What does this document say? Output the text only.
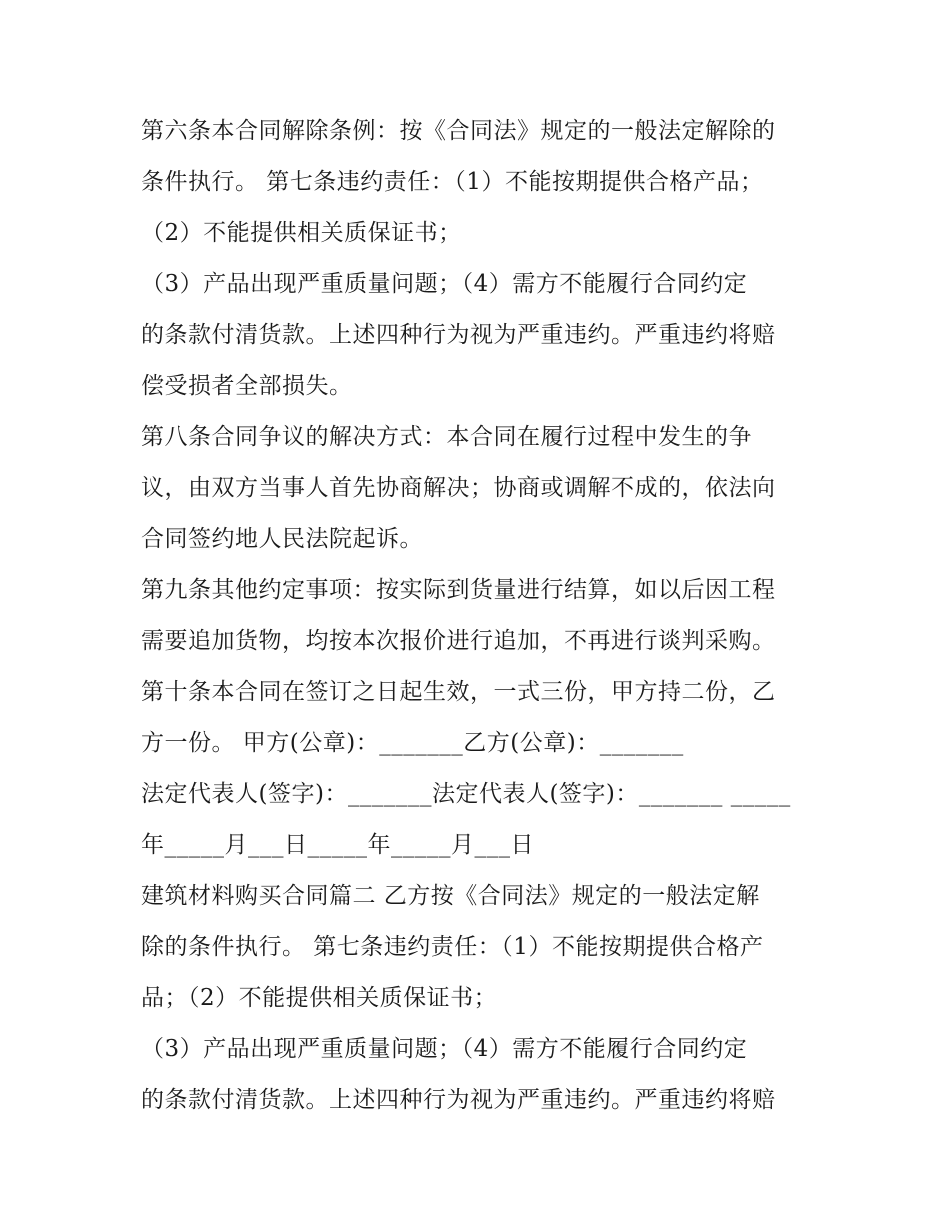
第六条本合同解除条例：按《合同法》规定的一般法定解除的
条件执行。 第七条违约责任：（1）不能按期提供合格产品；
（2）不能提供相关质保证书；
（3）产品出现严重质量问题；（4）需方不能履行合同约定
的条款付清货款。上述四种行为视为严重违约。严重违约将赔
偿受损者全部损失。
第八条合同争议的解决方式：本合同在履行过程中发生的争
议，由双方当事人首先协商解决；协商或调解不成的，依法向
合同签约地人民法院起诉。
第九条其他约定事项：按实际到货量进行结算，如以后因工程
需要追加货物，均按本次报价进行追加，不再进行谈判采购。
第十条本合同在签订之日起生效，一式三份，甲方持二份，乙
方一份。 甲方(公章)：_______乙方(公章)：_______
法定代表人(签字)：_______法定代表人(签字)：_______ _____
年_____月___日_____年_____月___日
建筑材料购买合同篇二 乙方按《合同法》规定的一般法定解
除的条件执行。 第七条违约责任：（1）不能按期提供合格产
品；（2）不能提供相关质保证书；
（3）产品出现严重质量问题；（4）需方不能履行合同约定
的条款付清货款。上述四种行为视为严重违约。严重违约将赔
